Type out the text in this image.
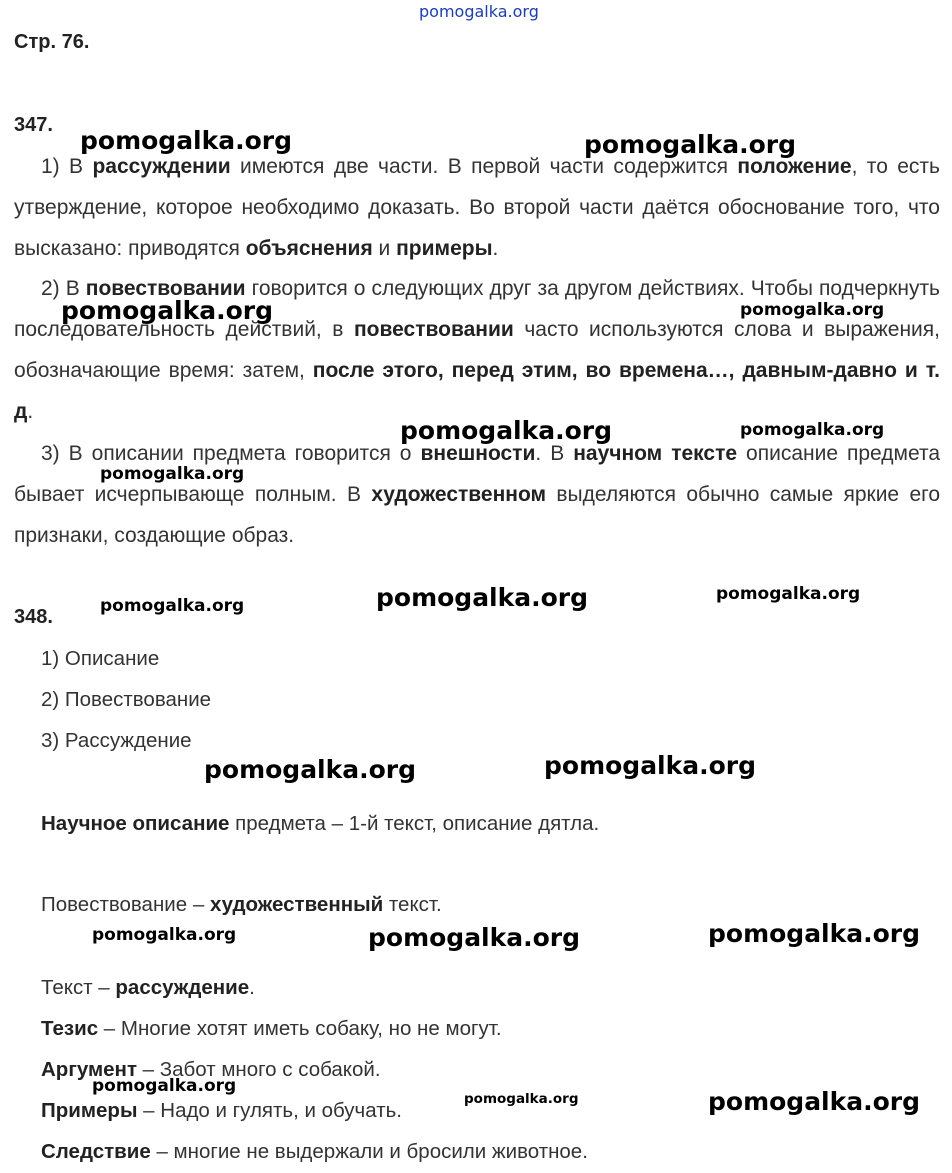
pomogalka.org
Стр. 76.
347.
1) В рассуждении имеются две части. В первой части содержится положение, то есть утверждение, которое необходимо доказать. Во второй части даётся обоснование того, что высказано: приводятся объяснения и примеры.
2) В повествовании говорится о следующих друг за другом действиях. Чтобы подчеркнуть последовательность действий, в повествовании часто используются слова и выражения, обозначающие время: затем, после этого, перед этим, во времена…, давным-давно и т. д.
3) В описании предмета говорится о внешности. В научном тексте описание предмета бывает исчерпывающе полным. В художественном выделяются обычно самые яркие его признаки, создающие образ.
348.
1) Описание
2) Повествование
3) Рассуждение
Научное описание предмета – 1-й текст, описание дятла.
Повествование – художественный текст.
Текст – рассуждение.
Тезис – Многие хотят иметь собаку, но не могут.
Аргумент – Забот много с собакой.
Примеры – Надо и гулять, и обучать.
Следствие – многие не выдержали и бросили животное.
pomogalka.org	pomogalka.org
pomogalka.org	pomogalka.org
pomogalka.org	pomogalka.org
pomogalka.org
pomogalka.org	pomogalka.org	pomogalka.org
pomogalka.org	pomogalka.org
pomogalka.org	pomogalka.org	pomogalka.org
pomogalka.org
pomogalka.org	pomogalka.org
